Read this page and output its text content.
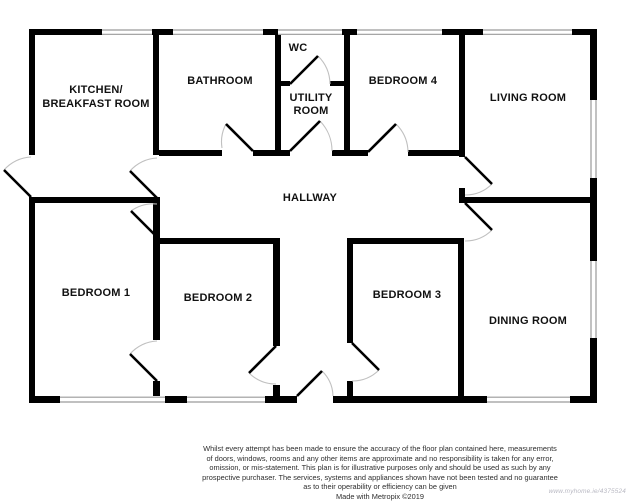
KITCHEN/
BREAKFAST ROOM
BATHROOM
WC
UTILITY
ROOM
BEDROOM 4
LIVING ROOM
HALLWAY
BEDROOM 1	BEDROOM 2	BEDROOM 3
DINING ROOM
Whilst every attempt has been made to ensure the accuracy of the floor plan contained here, measurements
of doors, windows, rooms and any other items are approximate and no responsibility is taken for any error,
omission, or mis-statement. This plan is for illustrative purposes only and should be used as such by any
prospective purchaser. The services, systems and appliances shown have not been tested and no guarantee
as to their operability or efficiency can be given
Made with Metropix ©2019
www.myhome.ie/4375524
